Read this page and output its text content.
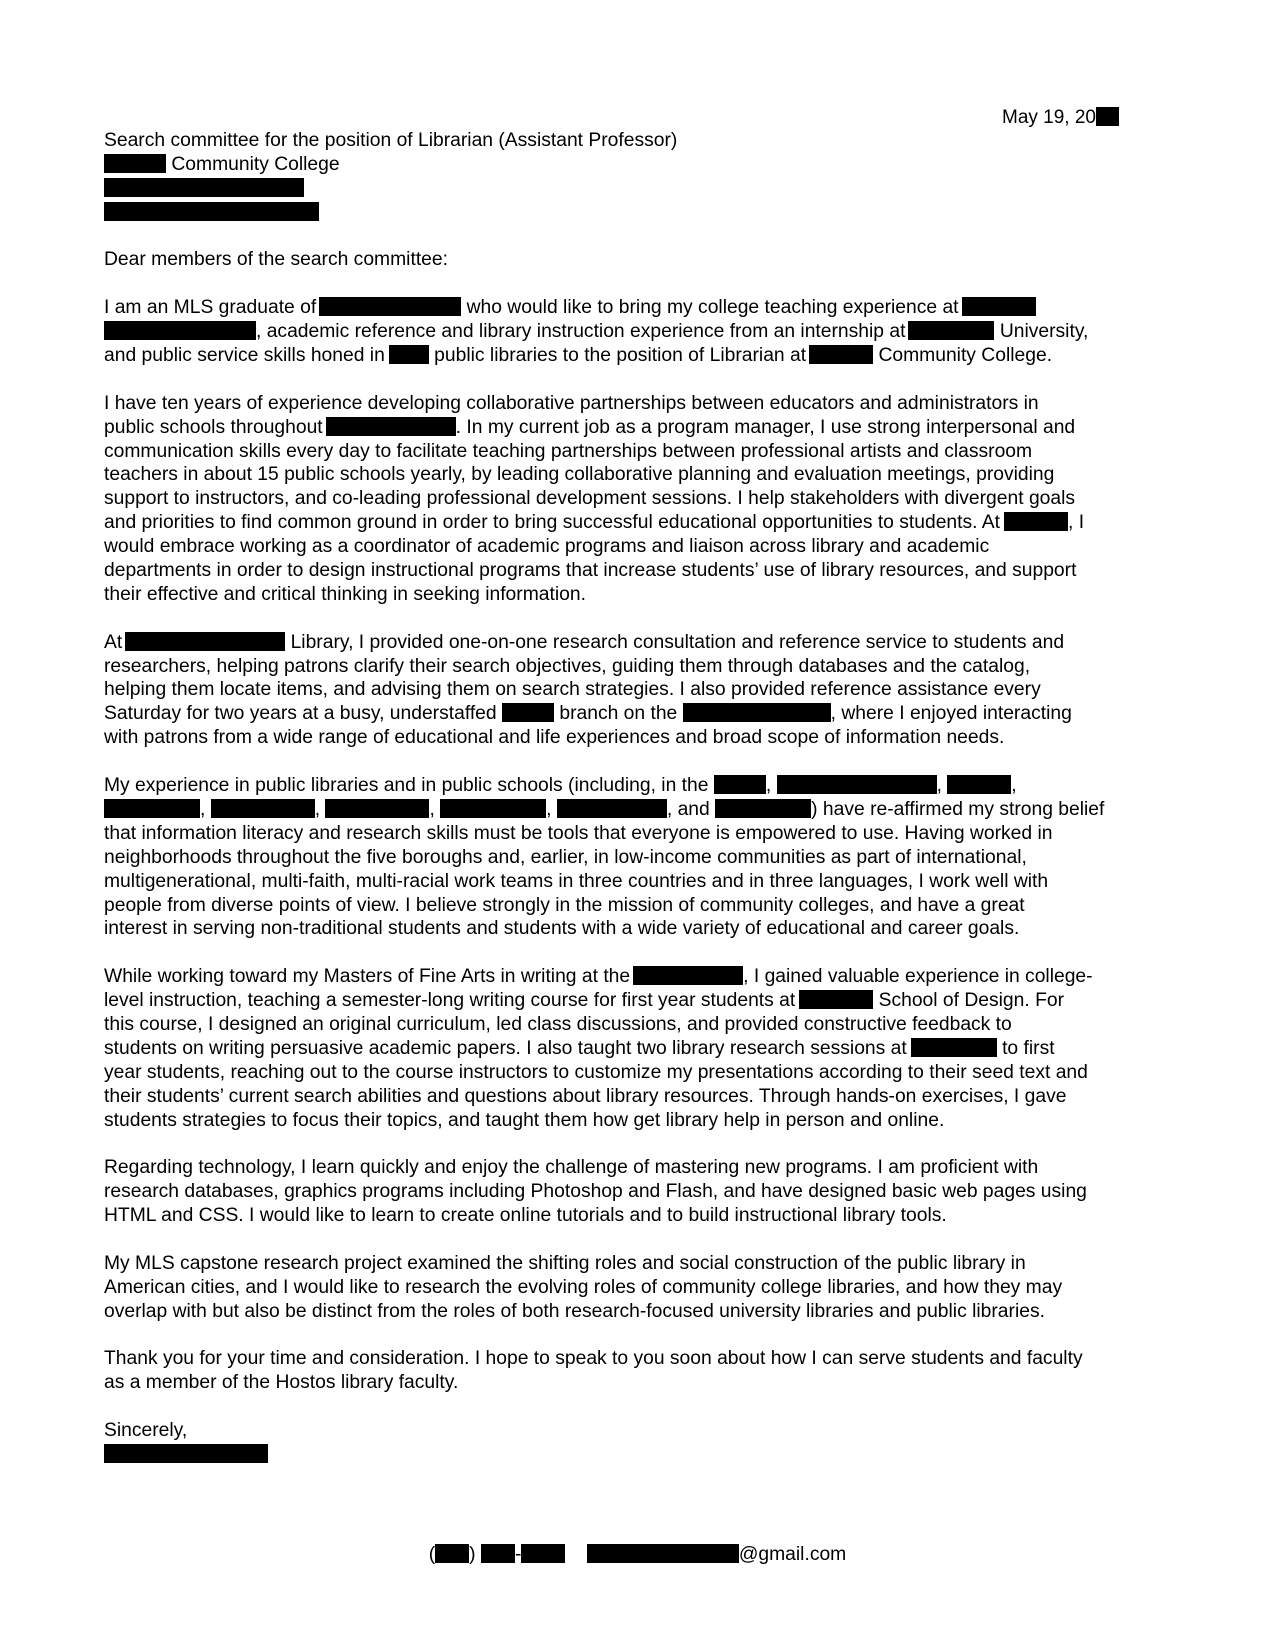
May 19, 20
Search committee for the position of Librarian (Assistant Professor)
Community College
Dear members of the search committee:
I am an MLS graduate of	who would like to bring my college teaching experience at
, academic reference and library instruction experience from an internship at	University,
and public service skills honed in	public libraries to the position of Librarian at	Community College.
I have ten years of experience developing collaborative partnerships between educators and administrators in
public schools throughout	. In my current job as a program manager, I use strong interpersonal and
communication skills every day to facilitate teaching partnerships between professional artists and classroom
teachers in about 15 public schools yearly, by leading collaborative planning and evaluation meetings, providing
support to instructors, and co-leading professional development sessions. I help stakeholders with divergent goals
and priorities to find common ground in order to bring successful educational opportunities to students. At	, I
would embrace working as a coordinator of academic programs and liaison across library and academic
departments in order to design instructional programs that increase students’ use of library resources, and support
their effective and critical thinking in seeking information.
At	Library, I provided one-on-one research consultation and reference service to students and
researchers, helping patrons clarify their search objectives, guiding them through databases and the catalog,
helping them locate items, and advising them on search strategies. I also provided reference assistance every
Saturday for two years at a busy, understaffed	branch on the	, where I enjoyed interacting
with patrons from a wide range of educational and life experiences and broad scope of information needs.
My experience in public libraries and in public schools (including, in the	,	,	,
,	,	,	,	, and	) have re-affirmed my strong belief
that information literacy and research skills must be tools that everyone is empowered to use. Having worked in
neighborhoods throughout the five boroughs and, earlier, in low-income communities as part of international,
multigenerational, multi-faith, multi-racial work teams in three countries and in three languages, I work well with
people from diverse points of view. I believe strongly in the mission of community colleges, and have a great
interest in serving non-traditional students and students with a wide variety of educational and career goals.
While working toward my Masters of Fine Arts in writing at the	, I gained valuable experience in college-
level instruction, teaching a semester-long writing course for first year students at	School of Design. For
this course, I designed an original curriculum, led class discussions, and provided constructive feedback to
students on writing persuasive academic papers. I also taught two library research sessions at	to first
year students, reaching out to the course instructors to customize my presentations according to their seed text and
their students’ current search abilities and questions about library resources. Through hands-on exercises, I gave
students strategies to focus their topics, and taught them how get library help in person and online.
Regarding technology, I learn quickly and enjoy the challenge of mastering new programs. I am proficient with
research databases, graphics programs including Photoshop and Flash, and have designed basic web pages using
HTML and CSS. I would like to learn to create online tutorials and to build instructional library tools.
My MLS capstone research project examined the shifting roles and social construction of the public library in
American cities, and I would like to research the evolving roles of community college libraries, and how they may
overlap with but also be distinct from the roles of both research-focused university libraries and public libraries.
Thank you for your time and consideration. I hope to speak to you soon about how I can serve students and faculty
as a member of the Hostos library faculty.
Sincerely,
( ) -	@gmail.com
